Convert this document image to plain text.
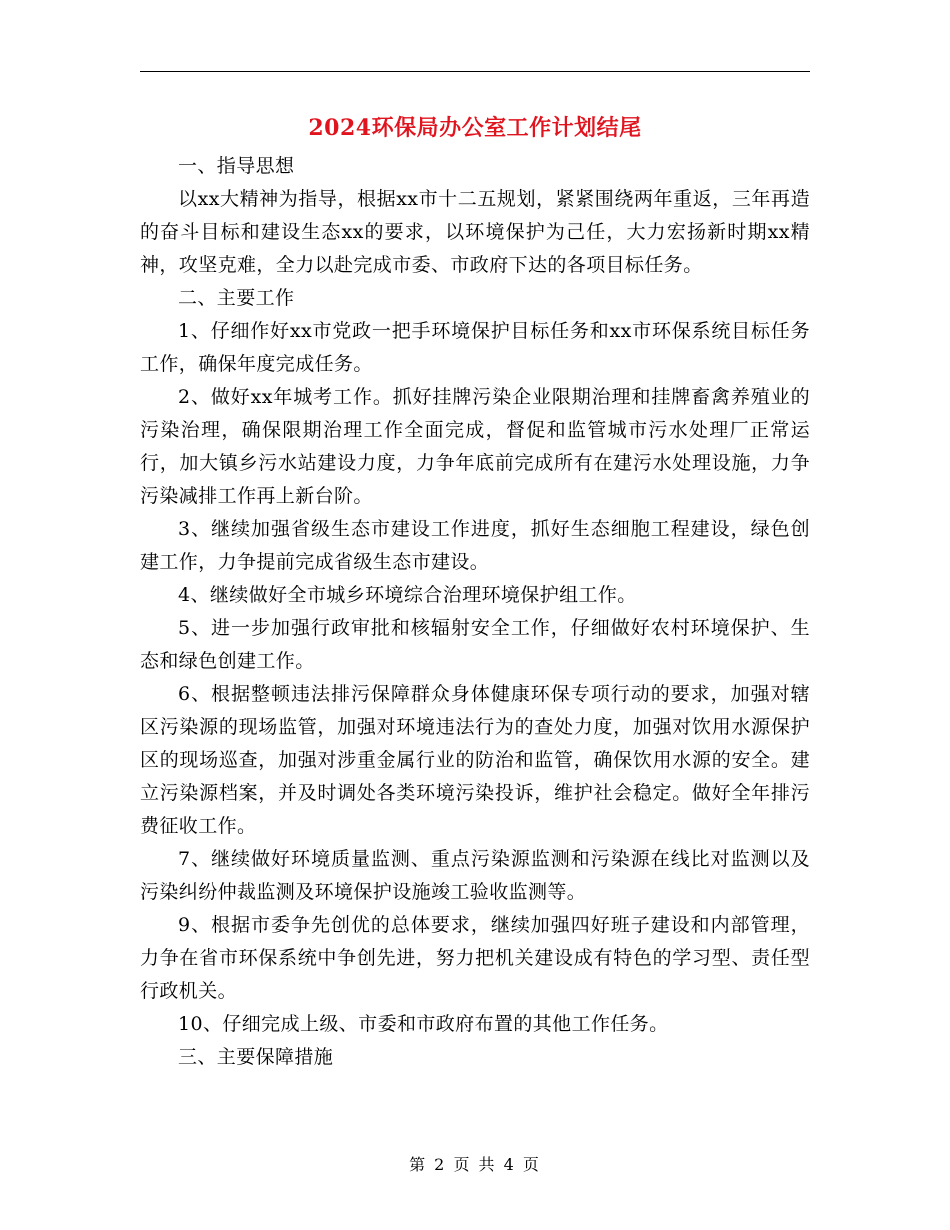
2024环保局办公室工作计划结尾

一、指导思想

以xx大精神为指导，根据xx市十二五规划，紧紧围绕两年重返，三年再造的奋斗目标和建设生态xx的要求，以环境保护为己任，大力宏扬新时期xx精神，攻坚克难，全力以赴完成市委、市政府下达的各项目标任务。

二、主要工作

1、仔细作好xx市党政一把手环境保护目标任务和xx市环保系统目标任务工作，确保年度完成任务。

2、做好xx年城考工作。抓好挂牌污染企业限期治理和挂牌畜禽养殖业的污染治理，确保限期治理工作全面完成，督促和监管城市污水处理厂正常运行，加大镇乡污水站建设力度，力争年底前完成所有在建污水处理设施，力争污染减排工作再上新台阶。

3、继续加强省级生态市建设工作进度，抓好生态细胞工程建设，绿色创建工作，力争提前完成省级生态市建设。

4、继续做好全市城乡环境综合治理环境保护组工作。

5、进一步加强行政审批和核辐射安全工作，仔细做好农村环境保护、生态和绿色创建工作。

6、根据整顿违法排污保障群众身体健康环保专项行动的要求，加强对辖区污染源的现场监管，加强对环境违法行为的查处力度，加强对饮用水源保护区的现场巡查，加强对涉重金属行业的防治和监管，确保饮用水源的安全。建立污染源档案，并及时调处各类环境污染投诉，维护社会稳定。做好全年排污费征收工作。

7、继续做好环境质量监测、重点污染源监测和污染源在线比对监测以及污染纠纷仲裁监测及环境保护设施竣工验收监测等。

9、根据市委争先创优的总体要求，继续加强四好班子建设和内部管理，力争在省市环保系统中争创先进，努力把机关建设成有特色的学习型、责任型行政机关。

10、仔细完成上级、市委和市政府布置的其他工作任务。

三、主要保障措施

第 2 页 共 4 页
